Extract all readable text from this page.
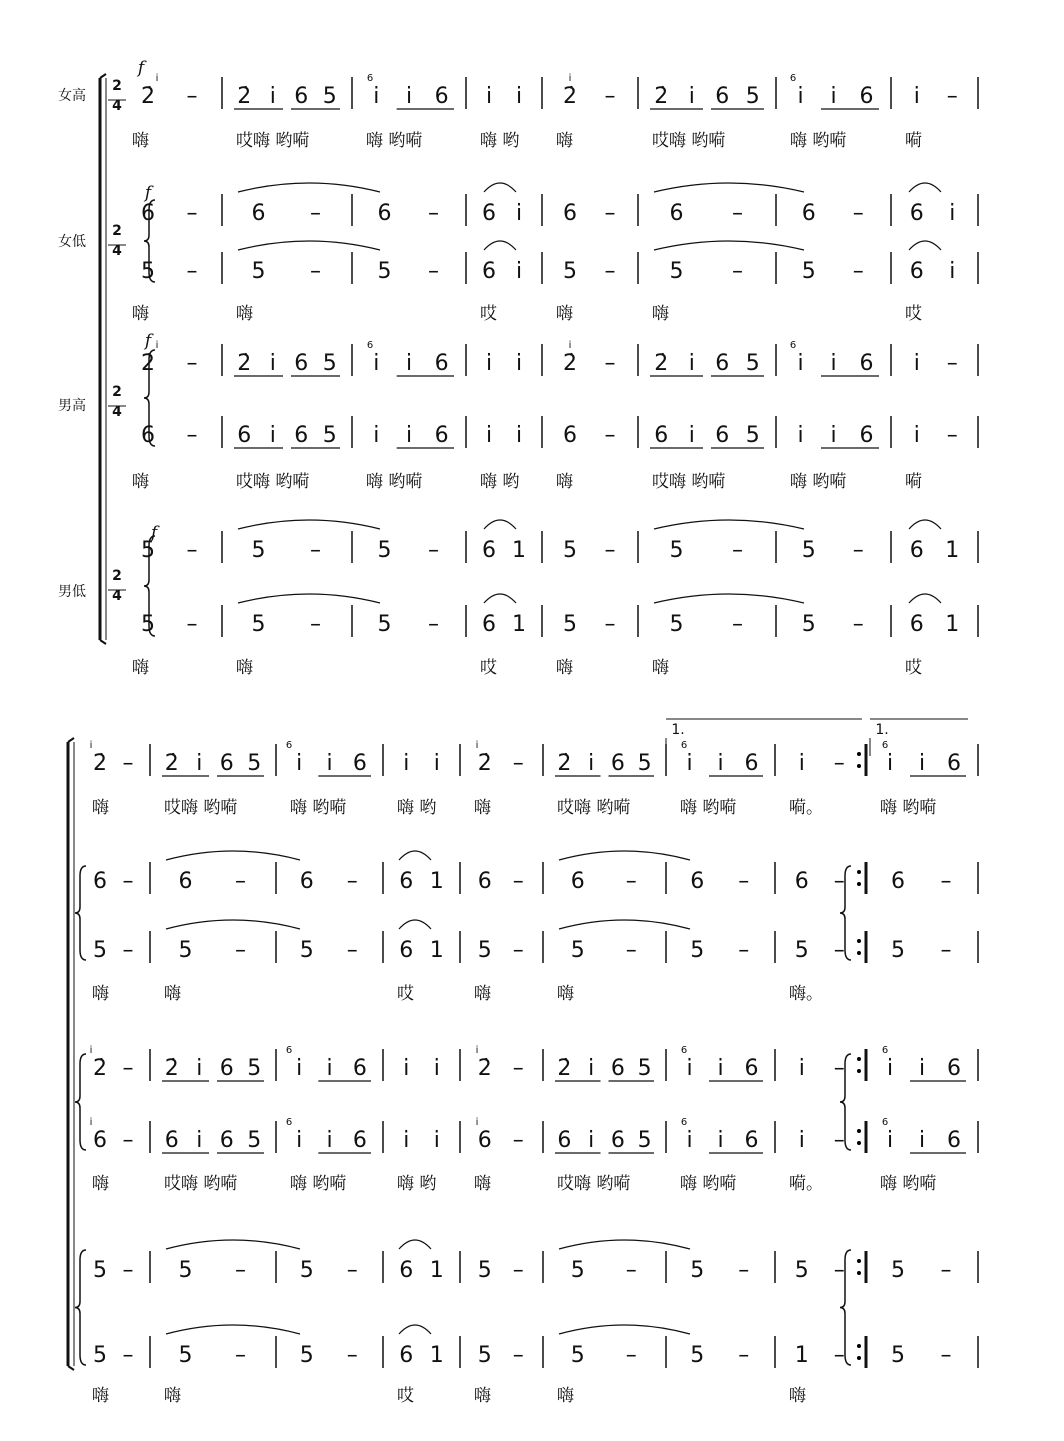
女高
女低
男高
男低
2
4
2
4
2
4
2
4
f
f
f
f
1.	1.
2̇ – 2̇ i̇ 6 5 i̇ i̇ 6 i̇ i̇ 2̇ – 2̇ i̇ 6 5 i̇ i̇ 6 i̇ –
嗨	哎嗨 哟嗬	嗨 哟嗬	嗨 哟 嗨	哎嗨 哟嗬	嗨 哟嗬	嗬
6 – 6 –	6 – 6 i̇ 6 – 6 –	6 – 6 i̇
5 – 5 –	5 – 6 i̇ 5 – 5 –	5 – 6 i̇
嗨	嗨	哎	嗨	嗨	哎
2̇ – 2̇ i̇ 6 5 i̇ i̇ 6 i̇ i̇ 2̇ – 2̇ i̇ 6 5 i̇ i̇ 6 i̇ –
6 – 6 i̇ 6 5 i̇ i̇ 6 i̇ i̇ 6 – 6 i̇ 6 5 i̇ i̇ 6 i̇ –
嗨	哎嗨 哟嗬	嗨 哟嗬	嗨 哟 嗨	哎嗨 哟嗬	嗨 哟嗬	嗬
5 – 5 –	5 – 6 1 5 – 5 –	5 – 6 1
5 – 5 –	5 – 6 1 5 – 5 –	5 – 6 1
嗨	嗨	哎	嗨	嗨	哎
2̇ – 2̇ i̇ 6 5 i̇ i̇ 6 i̇ i̇ 2̇ – 2̇ i̇ 6 5 i̇ i̇ 6 i̇ – i̇ i̇ 6
嗨	哎嗨 哟嗬	嗨 哟嗬	嗨 哟 嗨	哎嗨 哟嗬	嗨 哟嗬	嗬。	嗨 哟嗬
6 – 6 – 6 – 6 1 6 – 6 – 6 – 6 – 6 –
5 – 5 – 5 – 6 1 5 – 5 – 5 – 5 – 5 –
嗨	嗨	哎	嗨	嗨	嗨。
2̇ – 2̇ i̇ 6 5 i̇ i̇ 6 i̇ i̇ 2̇ – 2̇ i̇ 6 5 i̇ i̇ 6 i̇ – i̇ i̇ 6
6 – 6 i̇ 6 5 i̇ i̇ 6 i̇ i̇ 6 – 6 i̇ 6 5 i̇ i̇ 6 i̇ – i̇ i̇ 6
嗨	哎嗨 哟嗬	嗨 哟嗬	嗨 哟 嗨	哎嗨 哟嗬	嗨 哟嗬	嗬。	嗨 哟嗬
5 – 5 – 5 – 6 1 5 – 5 – 5 – 5 – 5 –
5 – 5 – 5 – 6 1 5 – 5 – 5 – 1 – 5 –
嗨	嗨	哎	嗨	嗨	嗨
i	i
6	6
i	i
6	6
i	i
6	6	6
i	i
6	6	6
i	i
6	6	6
